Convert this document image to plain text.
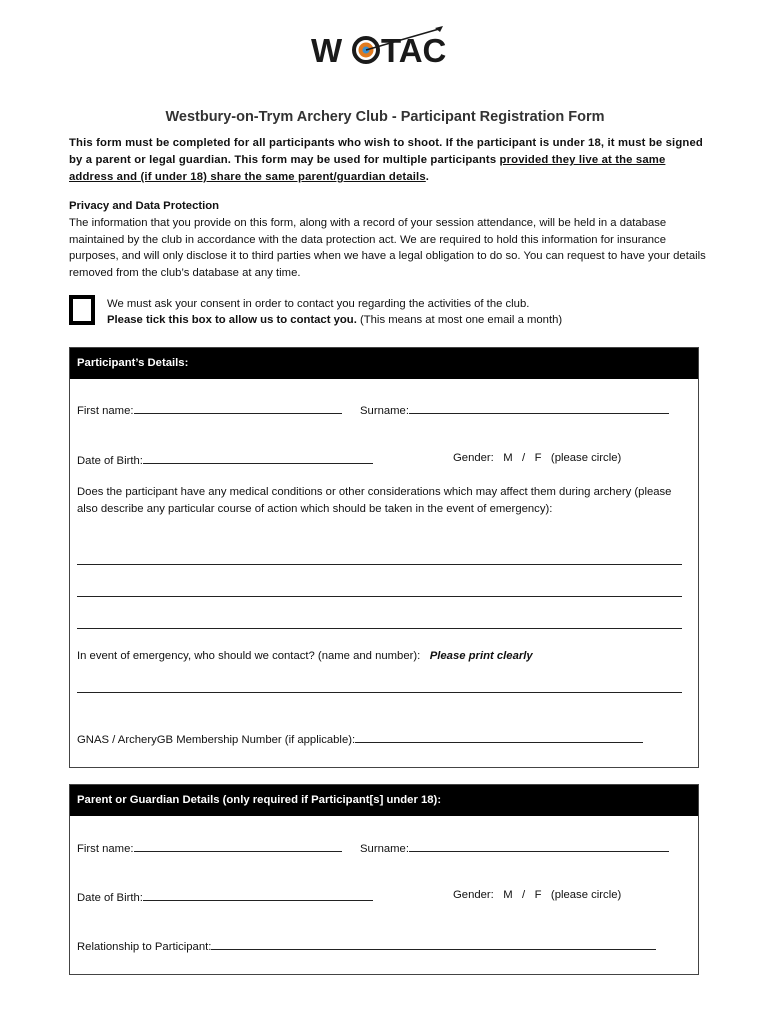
W TAC
Westbury-on-Trym Archery Club - Participant Registration Form
This form must be completed for all participants who wish to shoot. If the participant is under 18, it must be signed by a parent or legal guardian. This form may be used for multiple participants provided they live at the same address and (if under 18) share the same parent/guardian details.
Privacy and Data Protection
The information that you provide on this form, along with a record of your session attendance, will be held in a database maintained by the club in accordance with the data protection act. We are required to hold this information for insurance purposes, and will only disclose it to third parties when we have a legal obligation to do so. You can request to have your details removed from the club’s database at any time.
We must ask your consent in order to contact you regarding the activities of the club.
Please tick this box to allow us to contact you. (This means at most one email a month)
Participant’s Details:
First name:	Surname:
Date of Birth:	Gender:   M   /   F   (please circle)
Does the participant have any medical conditions or other considerations which may affect them during archery (please also describe any particular course of action which should be taken in the event of emergency):
In event of emergency, who should we contact? (name and number): Please print clearly
GNAS / ArcheryGB Membership Number (if applicable):
Parent or Guardian Details (only required if Participant[s] under 18):
First name:	Surname:
Date of Birth:	Gender:   M   /   F   (please circle)
Relationship to Participant:
